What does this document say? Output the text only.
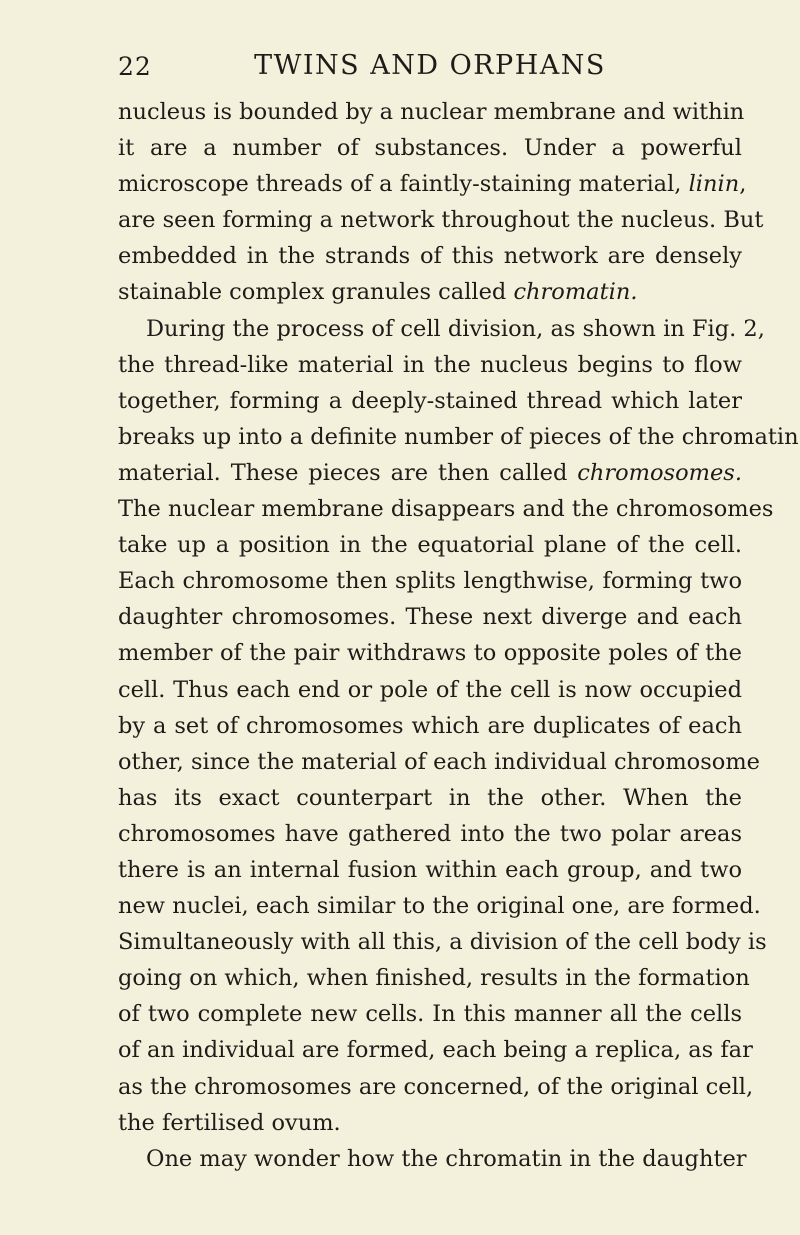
22	TWINS AND ORPHANS
nucleus is bounded by a nuclear membrane and within
it are a number of substances. Under a powerful
microscope threads of a faintly-staining material, linin,
are seen forming a network throughout the nucleus. But
embedded in the strands of this network are densely
stainable complex granules called chromatin.
During the process of cell division, as shown in Fig. 2,
the thread-like material in the nucleus begins to flow
together, forming a deeply-stained thread which later
breaks up into a definite number of pieces of the chromatin
material. These pieces are then called chromosomes.
The nuclear membrane disappears and the chromosomes
take up a position in the equatorial plane of the cell.
Each chromosome then splits lengthwise, forming two
daughter chromosomes. These next diverge and each
member of the pair withdraws to opposite poles of the
cell. Thus each end or pole of the cell is now occupied
by a set of chromosomes which are duplicates of each
other, since the material of each individual chromosome
has its exact counterpart in the other. When the
chromosomes have gathered into the two polar areas
there is an internal fusion within each group, and two
new nuclei, each similar to the original one, are formed.
Simultaneously with all this, a division of the cell body is
going on which, when finished, results in the formation
of two complete new cells. In this manner all the cells
of an individual are formed, each being a replica, as far
as the chromosomes are concerned, of the original cell,
the fertilised ovum.
One may wonder how the chromatin in the daughter
